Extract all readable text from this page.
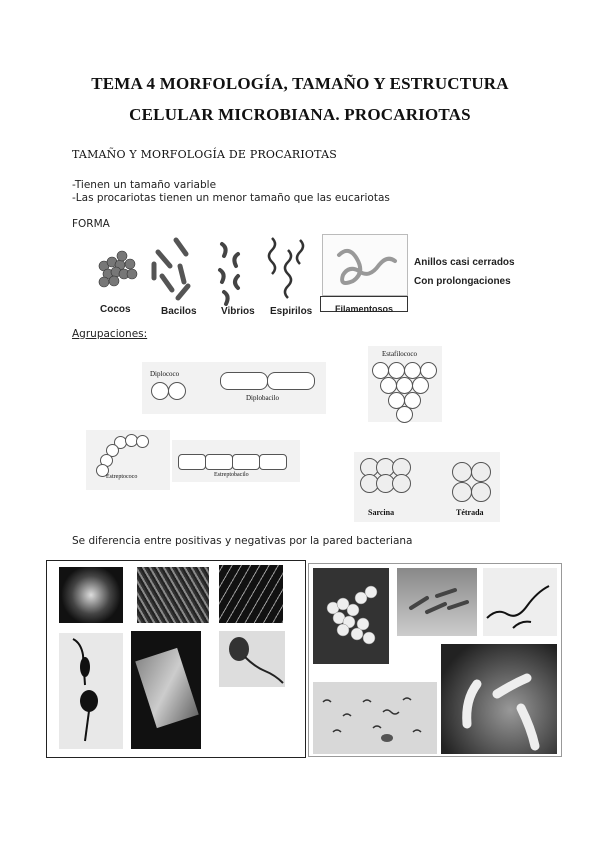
TEMA 4 MORFOLOGÍA, TAMAÑO Y ESTRUCTURA
CELULAR MICROBIANA. PROCARIOTAS
TAMAÑO Y MORFOLOGÍA DE PROCARIOTAS
-Tienen un tamaño variable
-Las procariotas tienen un menor tamaño que las eucariotas
FORMA
Cocos	Bacilos Vibrios Espirilos	Filamentosos
Anillos casi cerrados
Con prolongaciones
Agrupaciones:
Diplococo
Diplobacilo
Estafilococo
Estreptococo	Estreptobacilo
Sarcina	Tétrada
Se diferencia entre positivas y negativas por la pared bacteriana
